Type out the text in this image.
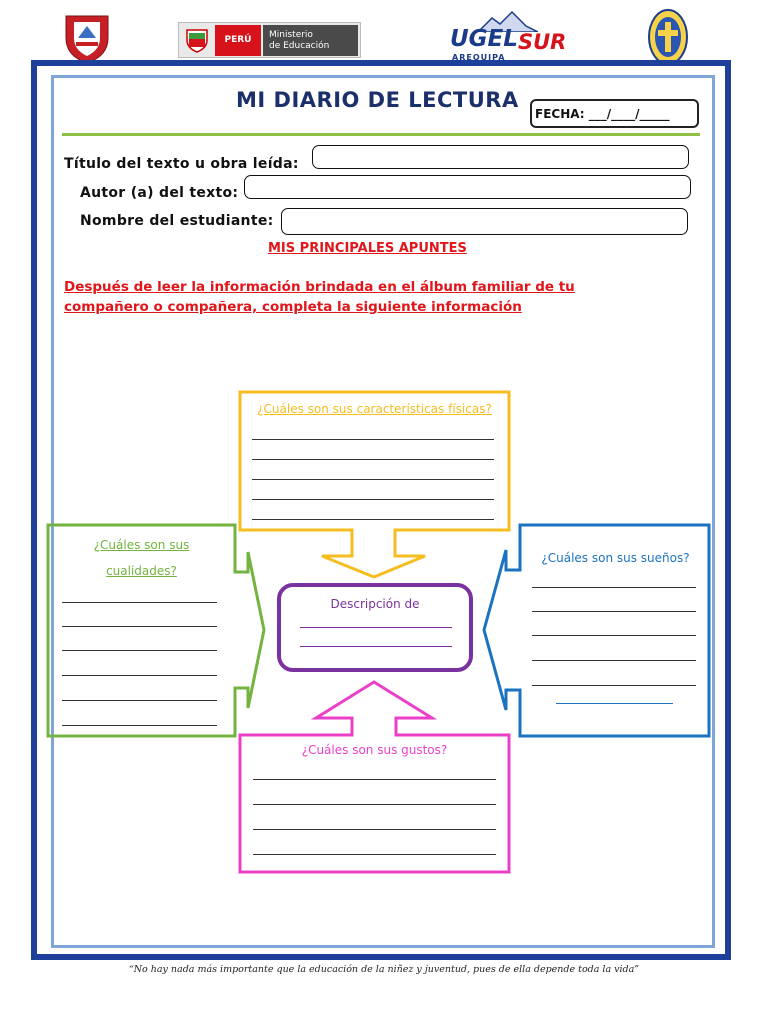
PERÚ	Ministerio
de Educación	UGEL SUR
AREQUIPA
MI DIARIO DE LECTURA
FECHA: ___/____/_____
Título del texto u obra leída:
Autor (a) del texto:
Nombre del estudiante:
MIS PRINCIPALES APUNTES
Después de leer la información brindada en el álbum familiar de tu compañero o compañera, completa la siguiente información
¿Cuáles son sus características físicas?
¿Cuáles son sus
cualidades?
¿Cuáles son sus sueños?
Descripción de
¿Cuáles son sus gustos?
“No hay nada más importante que la educación de la niñez y juventud, pues de ella depende toda la vida”
